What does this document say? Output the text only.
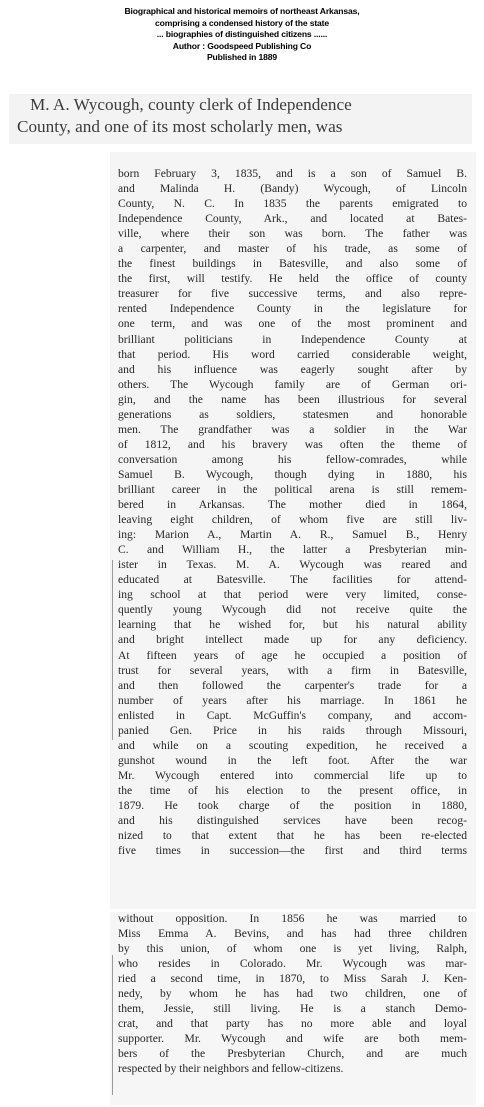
Biographical and historical memoirs of northeast Arkansas,
comprising a condensed history of the state
... biographies of distinguished citizens ......
Author : Goodspeed Publishing Co
Published in 1889
M. A. Wycough, county clerk of Independence
County, and one of its most scholarly men, was
born February 3, 1835, and is a son of Samuel B.
and Malinda H. (Bandy) Wycough, of Lincoln
County, N. C. In 1835 the parents emigrated to
Independence County, Ark., and located at Bates-
ville, where their son was born. The father was
a carpenter, and master of his trade, as some of
the finest buildings in Batesville, and also some of
the first, will testify. He held the office of county
treasurer for five successive terms, and also repre-
rented Independence County in the legislature for
one term, and was one of the most prominent and
brilliant politicians in Independence County at
that period. His word carried considerable weight,
and his influence was eagerly sought after by
others. The Wycough family are of German ori-
gin, and the name has been illustrious for several
generations as soldiers, statesmen and honorable
men. The grandfather was a soldier in the War
of 1812, and his bravery was often the theme of
conversation among his fellow-comrades, while
Samuel B. Wycough, though dying in 1880, his
brilliant career in the political arena is still remem-
bered in Arkansas. The mother died in 1864,
leaving eight children, of whom five are still liv-
ing: Marion A., Martin A. R., Samuel B., Henry
C. and William H., the latter a Presbyterian min-
ister in Texas. M. A. Wycough was reared and
educated at Batesville. The facilities for attend-
ing school at that period were very limited, conse-
quently young Wycough did not receive quite the
learning that he wished for, but his natural ability
and bright intellect made up for any deficiency.
At fifteen years of age he occupied a position of
trust for several years, with a firm in Batesville,
and then followed the carpenter's trade for a
number of years after his marriage. In 1861 he
enlisted in Capt. McGuffin's company, and accom-
panied Gen. Price in his raids through Missouri,
and while on a scouting expedition, he received a
gunshot wound in the left foot. After the war
Mr. Wycough entered into commercial life up to
the time of his election to the present office, in
1879. He took charge of the position in 1880,
and his distinguished services have been recog-
nized to that extent that he has been re-elected
five times in succession—the first and third terms
without opposition. In 1856 he was married to
Miss Emma A. Bevins, and has had three children
by this union, of whom one is yet living, Ralph,
who resides in Colorado. Mr. Wycough was mar-
ried a second time, in 1870, to Miss Sarah J. Ken-
nedy, by whom he has had two children, one of
them, Jessie, still living. He is a stanch Demo-
crat, and that party has no more able and loyal
supporter. Mr. Wycough and wife are both mem-
bers of the Presbyterian Church, and are much
respected by their neighbors and fellow-citizens.
